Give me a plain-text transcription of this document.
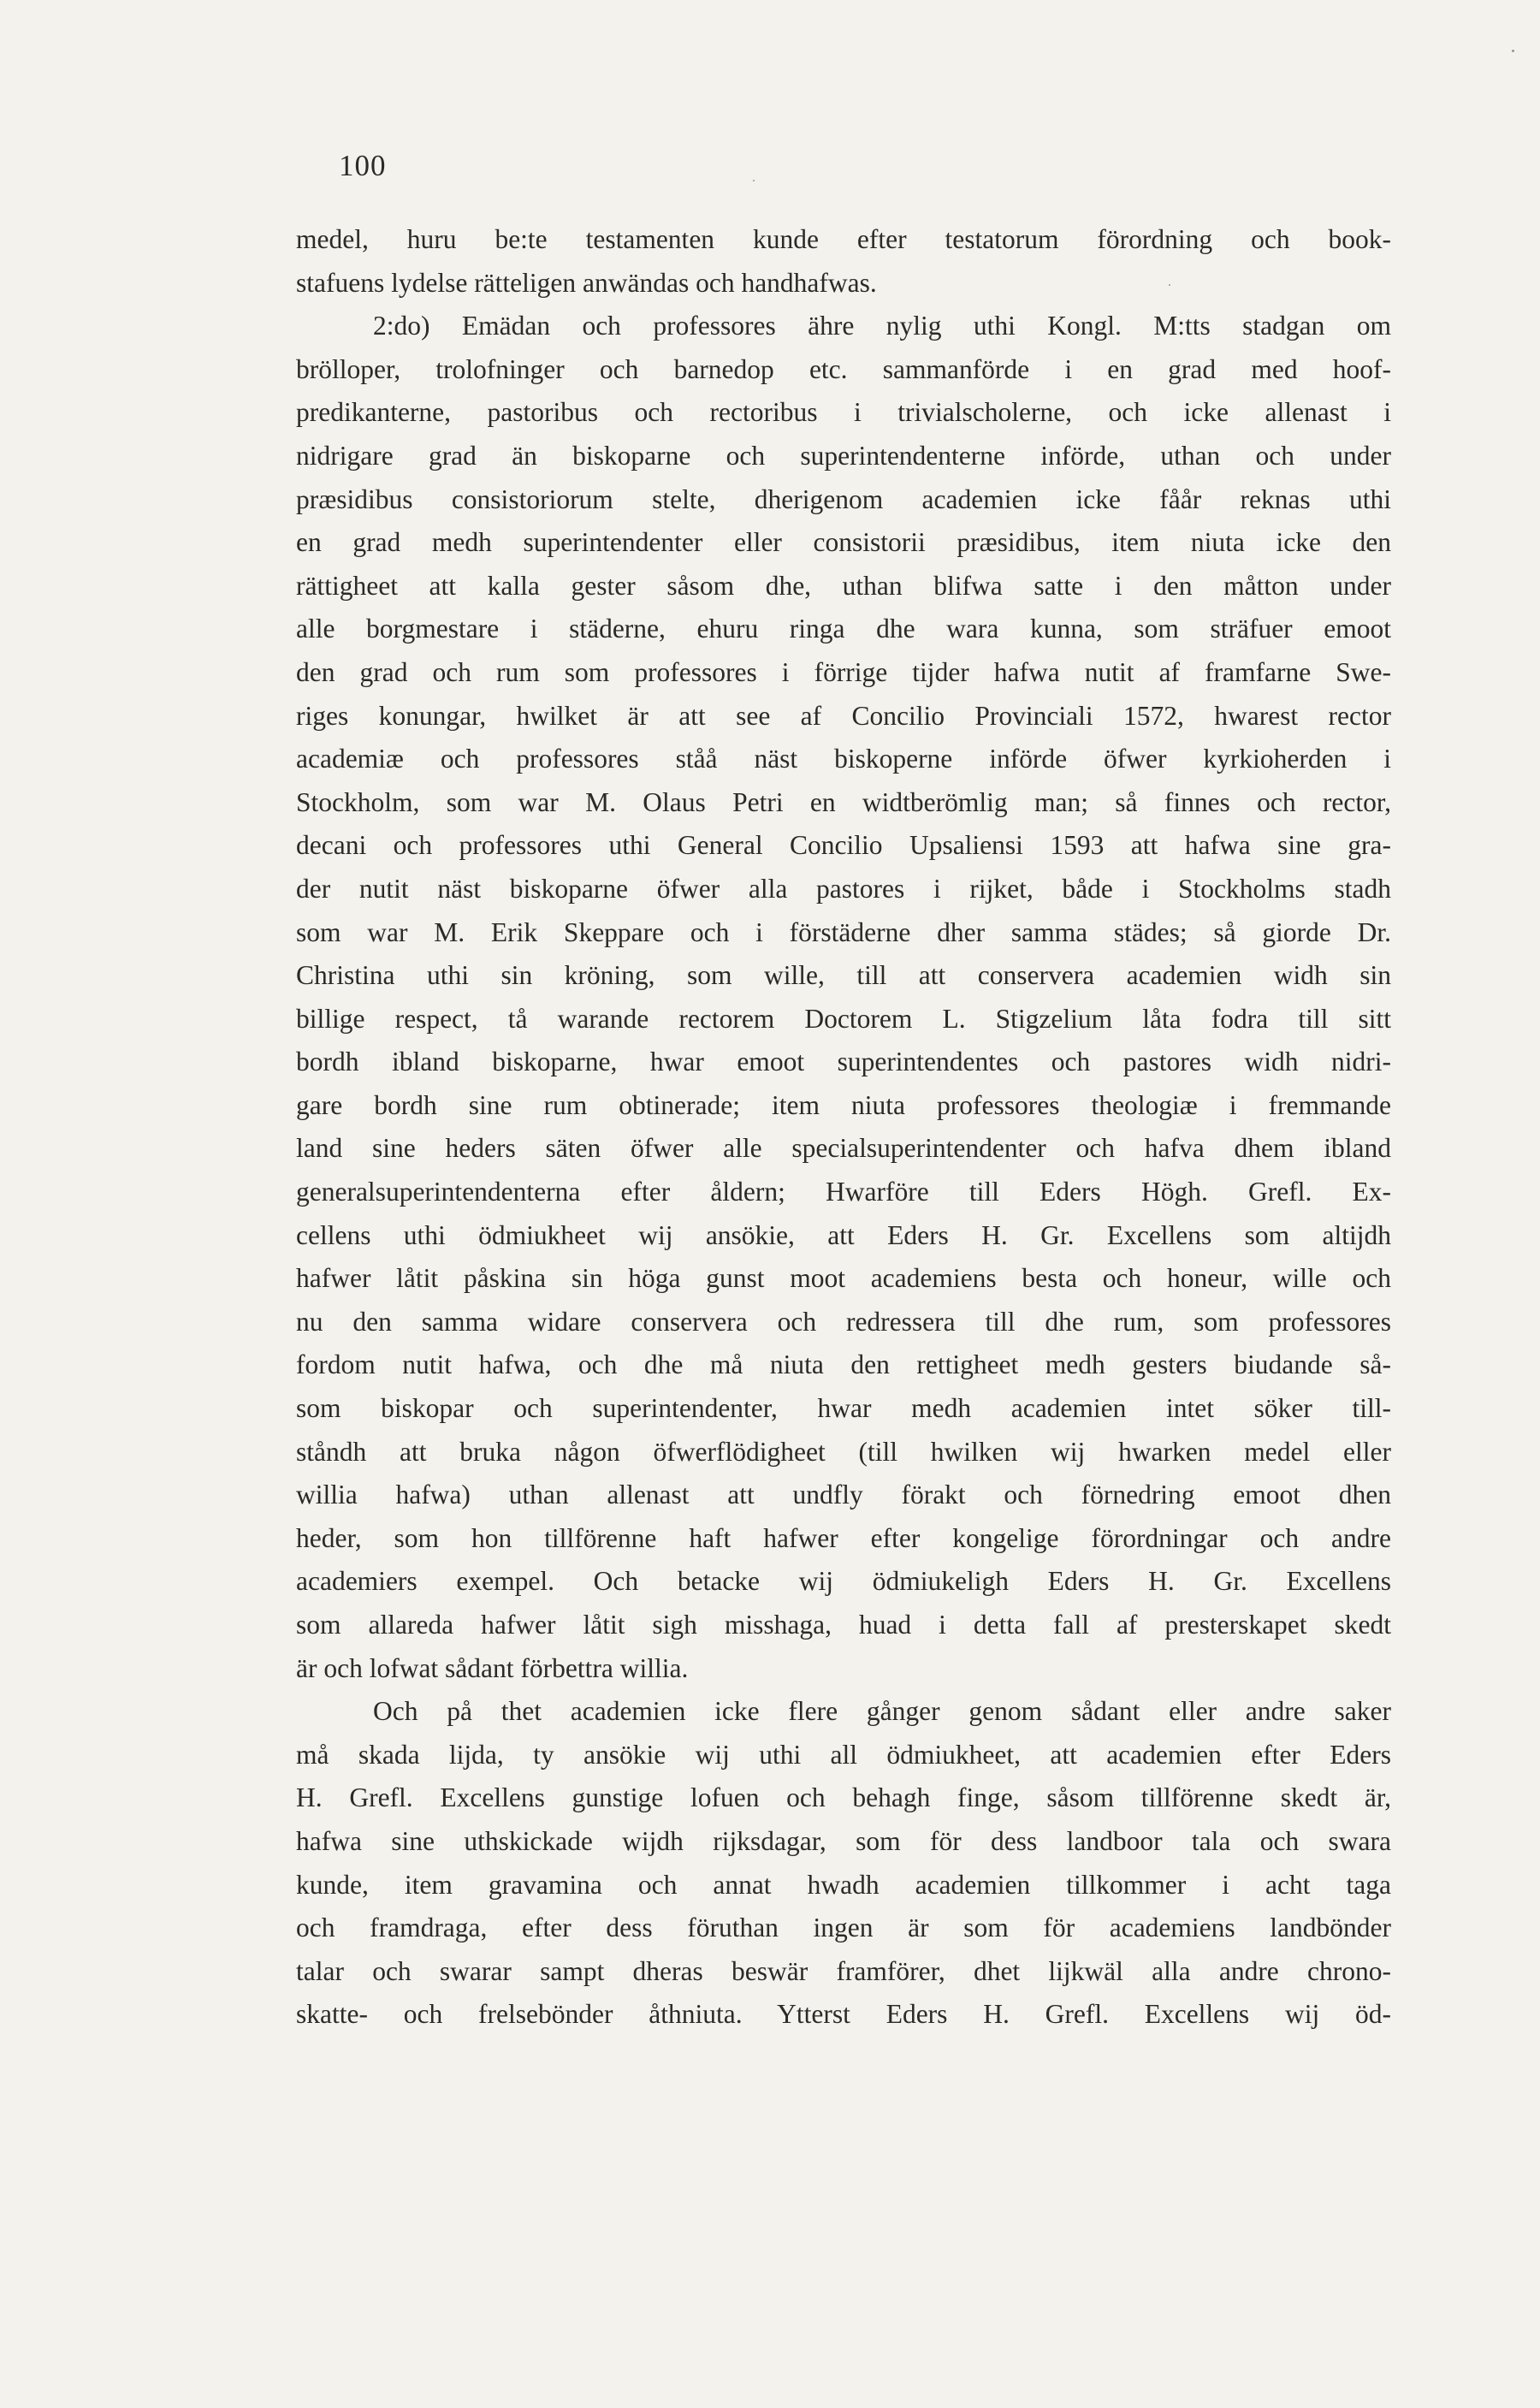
100
medel, huru be:te testamenten kunde efter testatorum förordning och book-
stafuens lydelse rätteligen anwändas och handhafwas.
2:do) Emädan och professores ähre nylig uthi Kongl. M:tts stadgan om
brölloper, trolofninger och barnedop etc. sammanförde i en grad med hoof-
predikanterne, pastoribus och rectoribus i trivialscholerne, och icke allenast i
nidrigare grad än biskoparne och superintendenterne införde, uthan och under
præsidibus consistoriorum stelte, dherigenom academien icke fåår reknas uthi
en grad medh superintendenter eller consistorii præsidibus, item niuta icke den
rättigheet att kalla gester såsom dhe, uthan blifwa satte i den måtton under
alle borgmestare i städerne, ehuru ringa dhe wara kunna, som sträfuer emoot
den grad och rum som professores i förrige tijder hafwa nutit af framfarne Swe-
riges konungar, hwilket är att see af Concilio Provinciali 1572, hwarest rector
academiæ och professores ståå näst biskoperne införde öfwer kyrkioherden i
Stockholm, som war M. Olaus Petri en widtberömlig man; så finnes och rector,
decani och professores uthi General Concilio Upsaliensi 1593 att hafwa sine gra-
der nutit näst biskoparne öfwer alla pastores i rijket, både i Stockholms stadh
som war M. Erik Skeppare och i förstäderne dher samma städes; så giorde Dr.
Christina uthi sin kröning, som wille, till att conservera academien widh sin
billige respect, tå warande rectorem Doctorem L. Stigzelium låta fodra till sitt
bordh ibland biskoparne, hwar emoot superintendentes och pastores widh nidri-
gare bordh sine rum obtinerade; item niuta professores theologiæ i fremmande
land sine heders säten öfwer alle specialsuperintendenter och hafva dhem ibland
generalsuperintendenterna efter åldern; Hwarföre till Eders Högh. Grefl. Ex-
cellens uthi ödmiukheet wij ansökie, att Eders H. Gr. Excellens som altijdh
hafwer låtit påskina sin höga gunst moot academiens besta och honeur, wille och
nu den samma widare conservera och redressera till dhe rum, som professores
fordom nutit hafwa, och dhe må niuta den rettigheet medh gesters biudande så-
som biskopar och superintendenter, hwar medh academien intet söker till-
ståndh att bruka någon öfwerflödigheet (till hwilken wij hwarken medel eller
willia hafwa) uthan allenast att undfly förakt och förnedring emoot dhen
heder, som hon tillförenne haft hafwer efter kongelige förordningar och andre
academiers exempel. Och betacke wij ödmiukeligh Eders H. Gr. Excellens
som allareda hafwer låtit sigh misshaga, huad i detta fall af presterskapet skedt
är och lofwat sådant förbettra willia.
Och på thet academien icke flere gånger genom sådant eller andre saker
må skada lijda, ty ansökie wij uthi all ödmiukheet, att academien efter Eders
H. Grefl. Excellens gunstige lofuen och behagh finge, såsom tillförenne skedt är,
hafwa sine uthskickade wijdh rijksdagar, som för dess landboor tala och swara
kunde, item gravamina och annat hwadh academien tillkommer i acht taga
och framdraga, efter dess föruthan ingen är som för academiens landbönder
talar och swarar sampt dheras beswär framförer, dhet lijkwäl alla andre chrono-
skatte- och frelsebönder åthniuta. Ytterst Eders H. Grefl. Excellens wij öd-
